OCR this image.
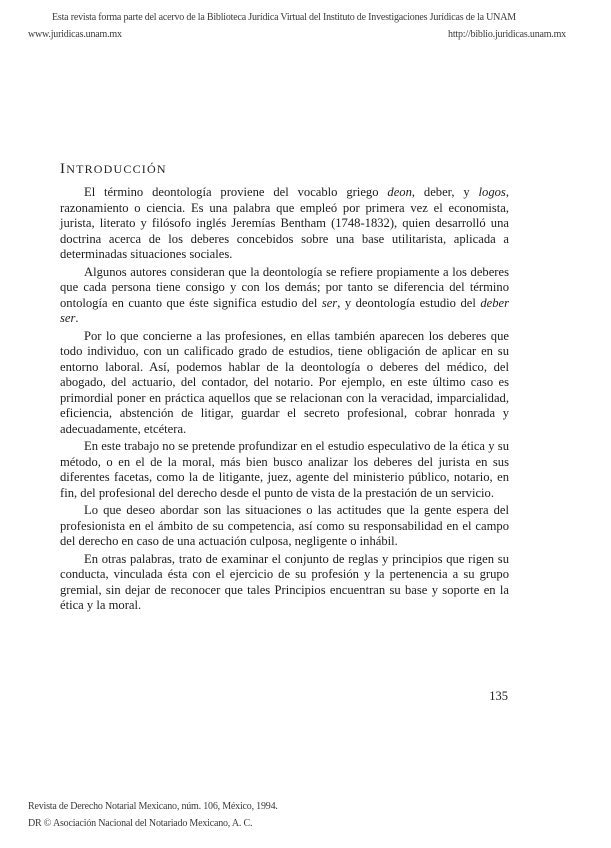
Esta revista forma parte del acervo de la Biblioteca Jurídica Virtual del Instituto de Investigaciones Jurídicas de la UNAM
www.juridicas.unam.mx	http://biblio.juridicas.unam.mx
INTRODUCCIÓN

El término deontología proviene del vocablo griego deon, deber, y logos, razonamiento o ciencia. Es una palabra que empleó por primera vez el economista, jurista, literato y filósofo inglés Jeremías Bentham (1748-1832), quien desarrolló una doctrina acerca de los deberes concebidos sobre una base utilitarista, aplicada a determinadas situaciones sociales.

Algunos autores consideran que la deontología se refiere propiamente a los deberes que cada persona tiene consigo y con los demás; por tanto se diferencia del término ontología en cuanto que éste significa estudio del ser, y deontología estudio del deber ser.

Por lo que concierne a las profesiones, en ellas también aparecen los deberes que todo individuo, con un calificado grado de estudios, tiene obligación de aplicar en su entorno laboral. Así, podemos hablar de la deontología o deberes del médico, del abogado, del actuario, del contador, del notario. Por ejemplo, en este último caso es primordial poner en práctica aquellos que se relacionan con la veracidad, imparcialidad, eficiencia, abstención de litigar, guardar el secreto profesional, cobrar honrada y adecuadamente, etcétera.

En este trabajo no se pretende profundizar en el estudio especulativo de la ética y su método, o en el de la moral, más bien busco analizar los deberes del jurista en sus diferentes facetas, como la de litigante, juez, agente del ministerio público, notario, en fin, del profesional del derecho desde el punto de vista de la prestación de un servicio.

Lo que deseo abordar son las situaciones o las actitudes que la gente espera del profesionista en el ámbito de su competencia, así como su responsabilidad en el campo del derecho en caso de una actuación culposa, negligente o inhábil.

En otras palabras, trato de examinar el conjunto de reglas y principios que rigen su conducta, vinculada ésta con el ejercicio de su profesión y la pertenencia a su grupo gremial, sin dejar de reconocer que tales Principios encuentran su base y soporte en la ética y la moral.

135
Revista de Derecho Notarial Mexicano, núm. 106, México, 1994.
DR © Asociación Nacional del Notariado Mexicano, A. C.
